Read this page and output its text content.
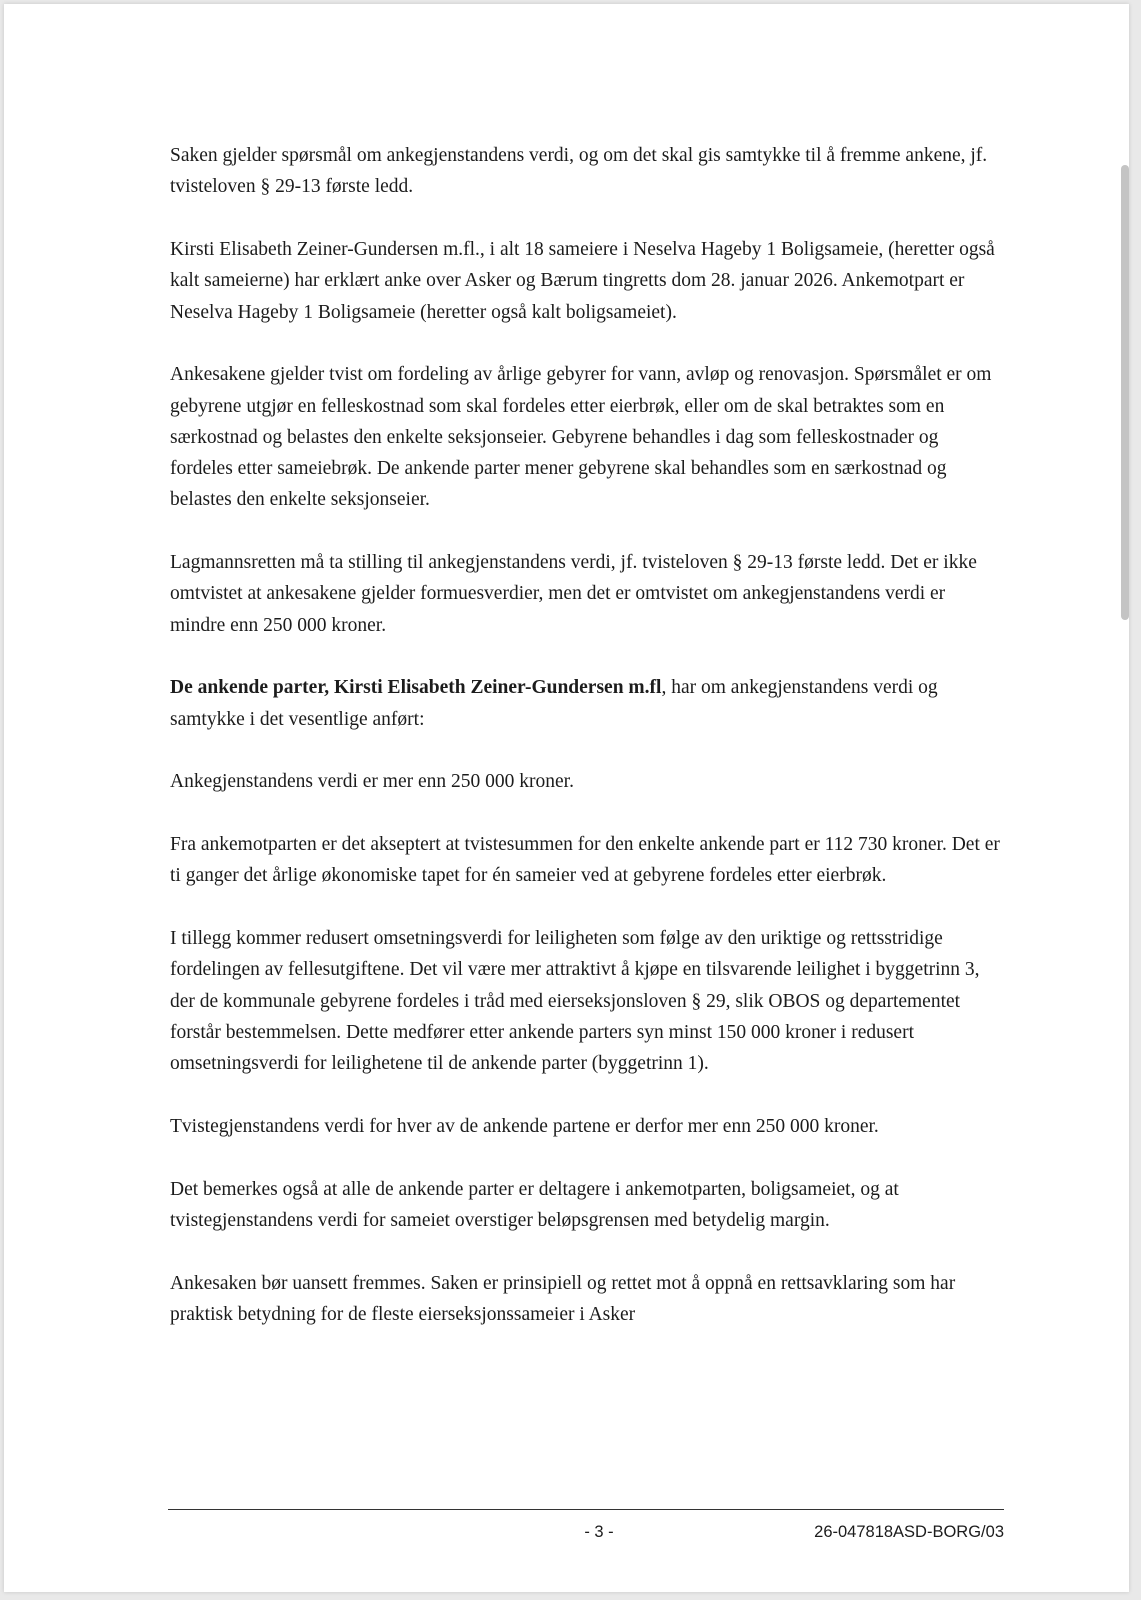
Saken gjelder spørsmål om ankegjenstandens verdi, og om det skal gis samtykke til å fremme ankene, jf. tvisteloven § 29-13 første ledd.

Kirsti Elisabeth Zeiner-Gundersen m.fl., i alt 18 sameiere i Neselva Hageby 1 Boligsameie, (heretter også kalt sameierne) har erklært anke over Asker og Bærum tingretts dom 28. januar 2026. Ankemotpart er Neselva Hageby 1 Boligsameie (heretter også kalt boligsameiet).

Ankesakene gjelder tvist om fordeling av årlige gebyrer for vann, avløp og renovasjon. Spørsmålet er om gebyrene utgjør en felleskostnad som skal fordeles etter eierbrøk, eller om de skal betraktes som en særkostnad og belastes den enkelte seksjonseier. Gebyrene behandles i dag som felleskostnader og fordeles etter sameiebrøk. De ankende parter mener gebyrene skal behandles som en særkostnad og belastes den enkelte seksjonseier.

Lagmannsretten må ta stilling til ankegjenstandens verdi, jf. tvisteloven § 29-13 første ledd. Det er ikke omtvistet at ankesakene gjelder formuesverdier, men det er omtvistet om ankegjenstandens verdi er mindre enn 250 000 kroner.

De ankende parter, Kirsti Elisabeth Zeiner-Gundersen m.fl, har om ankegjenstandens verdi og samtykke i det vesentlige anført:

Ankegjenstandens verdi er mer enn 250 000 kroner.

Fra ankemotparten er det akseptert at tvistesummen for den enkelte ankende part er 112 730 kroner. Det er ti ganger det årlige økonomiske tapet for én sameier ved at gebyrene fordeles etter eierbrøk.

I tillegg kommer redusert omsetningsverdi for leiligheten som følge av den uriktige og rettsstridige fordelingen av fellesutgiftene. Det vil være mer attraktivt å kjøpe en tilsvarende leilighet i byggetrinn 3, der de kommunale gebyrene fordeles i tråd med eierseksjonsloven § 29, slik OBOS og departementet forstår bestemmelsen. Dette medfører etter ankende parters syn minst 150 000 kroner i redusert omsetningsverdi for leilighetene til de ankende parter (byggetrinn 1).

Tvistegjenstandens verdi for hver av de ankende partene er derfor mer enn 250 000 kroner.

Det bemerkes også at alle de ankende parter er deltagere i ankemotparten, boligsameiet, og at tvistegjenstandens verdi for sameiet overstiger beløpsgrensen med betydelig margin.

Ankesaken bør uansett fremmes. Saken er prinsipiell og rettet mot å oppnå en rettsavklaring som har praktisk betydning for de fleste eierseksjonssameier i Asker

- 3 -	26-047818ASD-BORG/03
